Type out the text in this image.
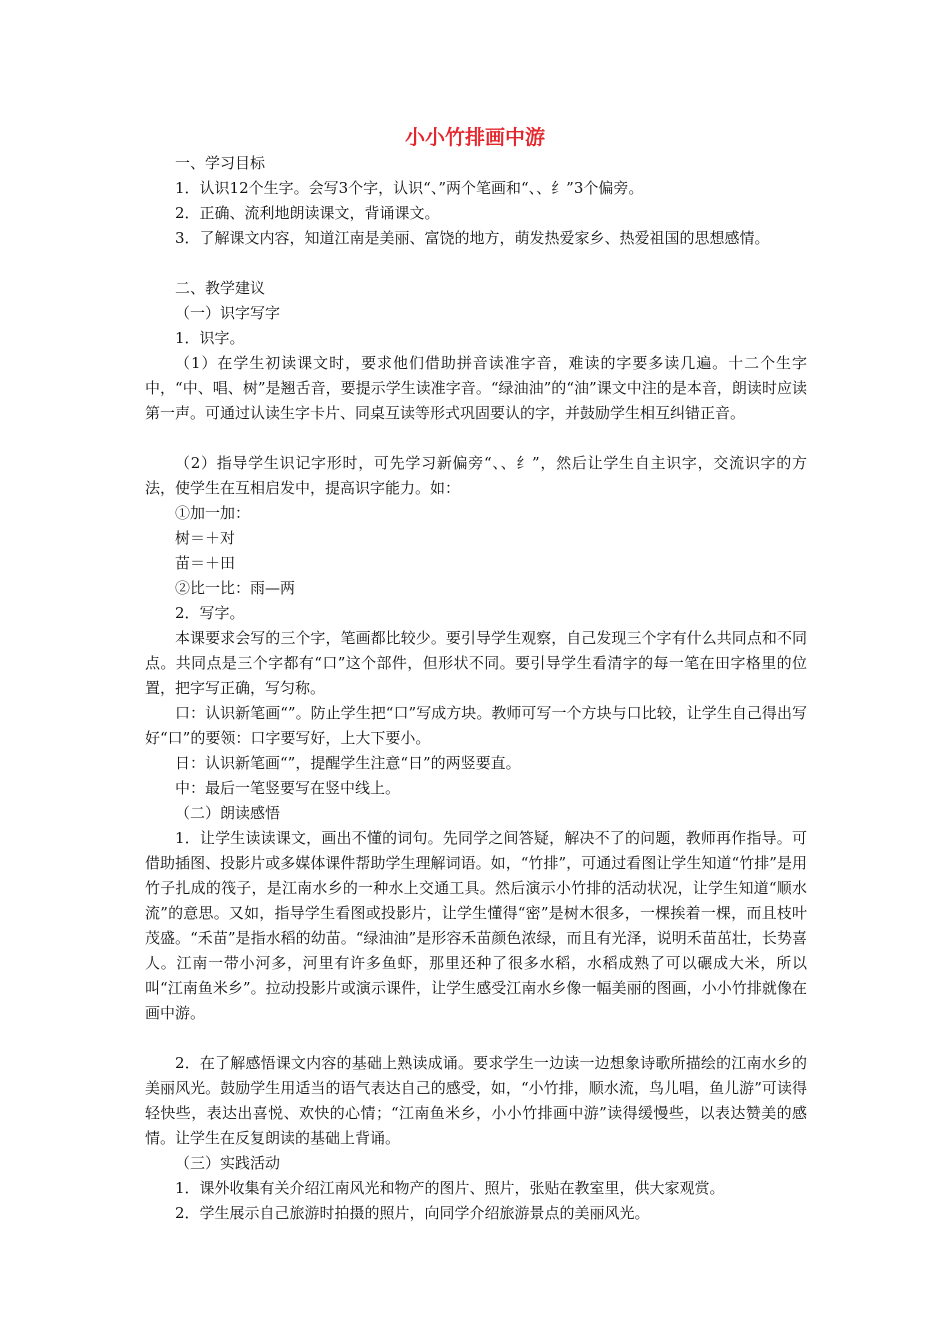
小小竹排画中游
一、学习目标
1．认识12个生字。会写3个字，认识“、”两个笔画和“、、纟”3个偏旁。
2．正确、流利地朗读课文，背诵课文。
3．了解课文内容，知道江南是美丽、富饶的地方，萌发热爱家乡、热爱祖国的思想感情。
二、教学建议
（一）识字写字
1．识字。
（1）在学生初读课文时，要求他们借助拼音读准字音，难读的字要多读几遍。十二个生字中，“中、唱、树”是翘舌音，要提示学生读准字音。“绿油油”的“油”课文中注的是本音，朗读时应读第一声。可通过认读生字卡片、同桌互读等形式巩固要认的字，并鼓励学生相互纠错正音。
（2）指导学生识记字形时，可先学习新偏旁“、、纟”，然后让学生自主识字，交流识字的方法，使学生在互相启发中，提高识字能力。如：
①加一加：
树＝＋对
苗＝＋田
②比一比：雨—两
2．写字。
本课要求会写的三个字，笔画都比较少。要引导学生观察，自己发现三个字有什么共同点和不同点。共同点是三个字都有“口”这个部件，但形状不同。要引导学生看清字的每一笔在田字格里的位置，把字写正确，写匀称。
口：认识新笔画“”。防止学生把“口”写成方块。教师可写一个方块与口比较，让学生自己得出写好“口”的要领：口字要写好，上大下要小。
日：认识新笔画“”，提醒学生注意“日”的两竖要直。
中：最后一笔竖要写在竖中线上。
（二）朗读感悟
1．让学生读读课文，画出不懂的词句。先同学之间答疑，解决不了的问题，教师再作指导。可借助插图、投影片或多媒体课件帮助学生理解词语。如，“竹排”，可通过看图让学生知道“竹排”是用竹子扎成的筏子，是江南水乡的一种水上交通工具。然后演示小竹排的活动状况，让学生知道“顺水流”的意思。又如，指导学生看图或投影片，让学生懂得“密”是树木很多，一棵挨着一棵，而且枝叶茂盛。“禾苗”是指水稻的幼苗。“绿油油”是形容禾苗颜色浓绿，而且有光泽，说明禾苗茁壮，长势喜人。江南一带小河多，河里有许多鱼虾，那里还种了很多水稻，水稻成熟了可以碾成大米，所以叫“江南鱼米乡”。拉动投影片或演示课件，让学生感受江南水乡像一幅美丽的图画，小小竹排就像在画中游。
2．在了解感悟课文内容的基础上熟读成诵。要求学生一边读一边想象诗歌所描绘的江南水乡的美丽风光。鼓励学生用适当的语气表达自己的感受，如，“小竹排，顺水流，鸟儿唱，鱼儿游”可读得轻快些，表达出喜悦、欢快的心情；“江南鱼米乡，小小竹排画中游”读得缓慢些，以表达赞美的感情。让学生在反复朗读的基础上背诵。
（三）实践活动
1．课外收集有关介绍江南风光和物产的图片、照片，张贴在教室里，供大家观赏。
2．学生展示自己旅游时拍摄的照片，向同学介绍旅游景点的美丽风光。
